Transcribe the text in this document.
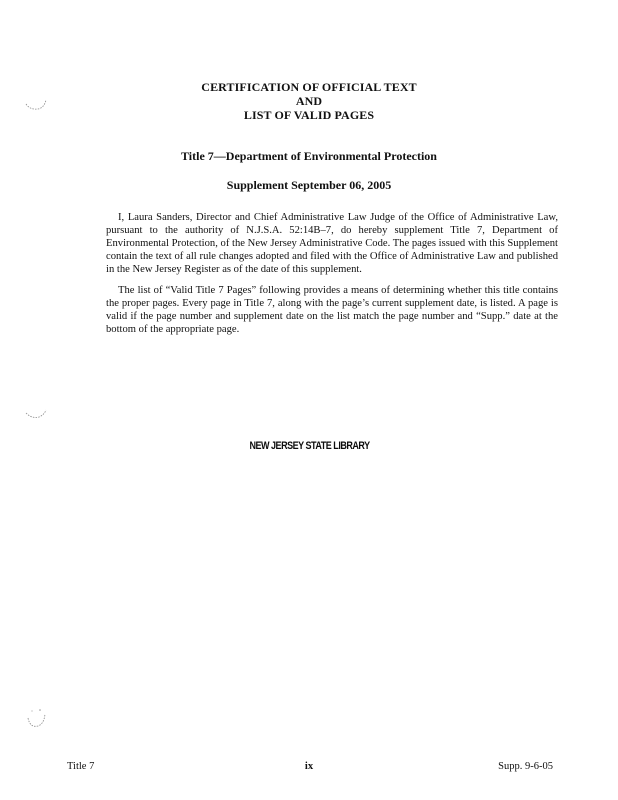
CERTIFICATION OF OFFICIAL TEXT
AND
LIST OF VALID PAGES
Title 7—Department of Environmental Protection
Supplement September 06, 2005

I, Laura Sanders, Director and Chief Administrative Law Judge of the Office of Administrative Law, pursuant to the authority of N.J.S.A. 52:14B–7, do hereby supplement Title 7, Department of Environmental Protection, of the New Jersey Administrative Code. The pages issued with this Supplement contain the text of all rule changes adopted and filed with the Office of Administrative Law and published in the New Jersey Register as of the date of this supplement.

The list of “Valid Title 7 Pages” following provides a means of determining whether this title contains the proper pages. Every page in Title 7, along with the page’s current supplement date, is listed. A page is valid if the page number and supplement date on the list match the page number and “Supp.” date at the bottom of the appropriate page.

NEW JERSEY STATE LIBRARY
Title 7	ix	Supp. 9-6-05
